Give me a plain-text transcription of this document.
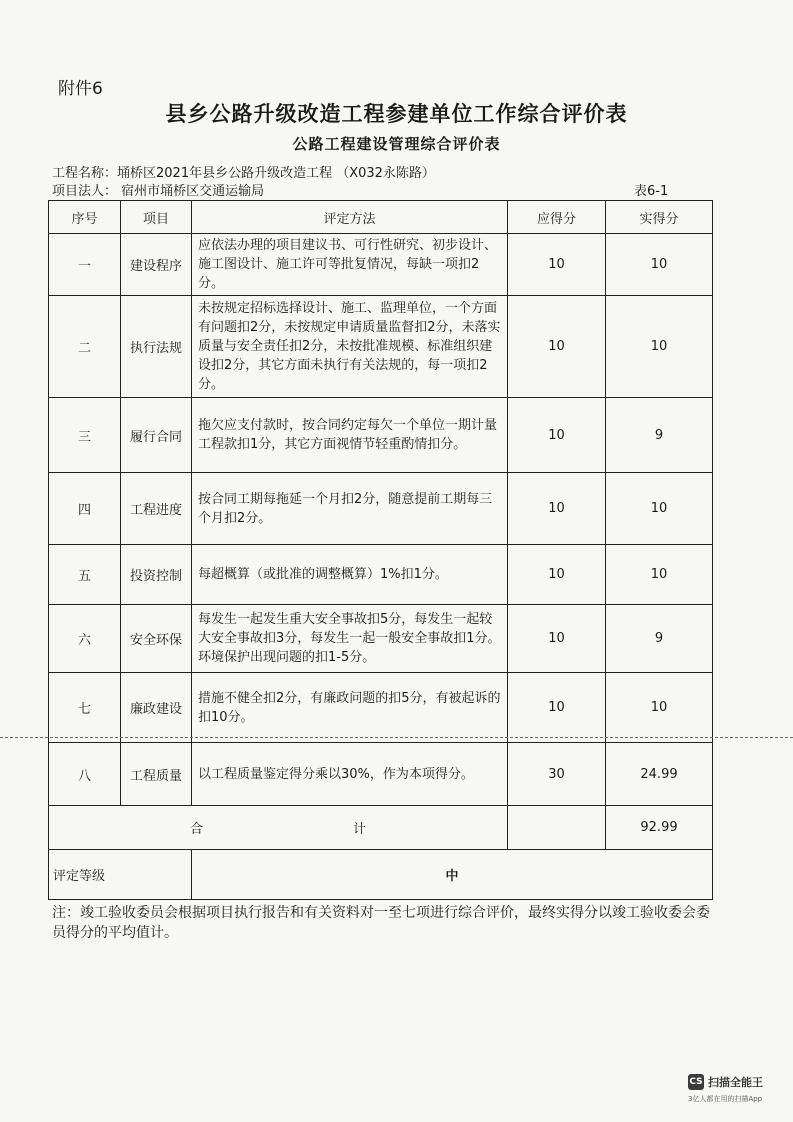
附件6
县乡公路升级改造工程参建单位工作综合评价表
公路工程建设管理综合评价表
工程名称：埇桥区2021年县乡公路升级改造工程 （X032永陈路）
项目法人： 宿州市埇桥区交通运输局	表6-1
序号	项目	评定方法	应得分	实得分
一	建设程序	应依法办理的项目建议书、可行性研究、初步设计、施工图设计、施工许可等批复情况，每缺一项扣2分。	10	10
二	执行法规	未按规定招标选择设计、施工、监理单位，一个方面有问题扣2分，未按规定申请质量监督扣2分，未落实质量与安全责任扣2分，未按批准规模、标准组织建设扣2分，其它方面未执行有关法规的，每一项扣2分。	10	10
三	履行合同	拖欠应支付款时，按合同约定每欠一个单位一期计量工程款扣1分，其它方面视情节轻重酌情扣分。	10	9
四	工程进度	按合同工期每拖延一个月扣2分，随意提前工期每三个月扣2分。	10	10
五	投资控制	每超概算（或批准的调整概算）1%扣1分。	10	10
六	安全环保	每发生一起发生重大安全事故扣5分，每发生一起较大安全事故扣3分，每发生一起一般安全事故扣1分。环境保护出现问题的扣1-5分。	10	9
七	廉政建设	措施不健全扣2分，有廉政问题的扣5分，有被起诉的扣10分。	10	10
八	工程质量	以工程质量鉴定得分乘以30%，作为本项得分。	30	24.99
合 计				92.99
评定等级		中		
注：竣工验收委员会根据项目执行报告和有关资料对一至七项进行综合评价，最终实得分以竣工验收委会委员得分的平均值计。
CS 扫描全能王
3亿人都在用的扫描App
